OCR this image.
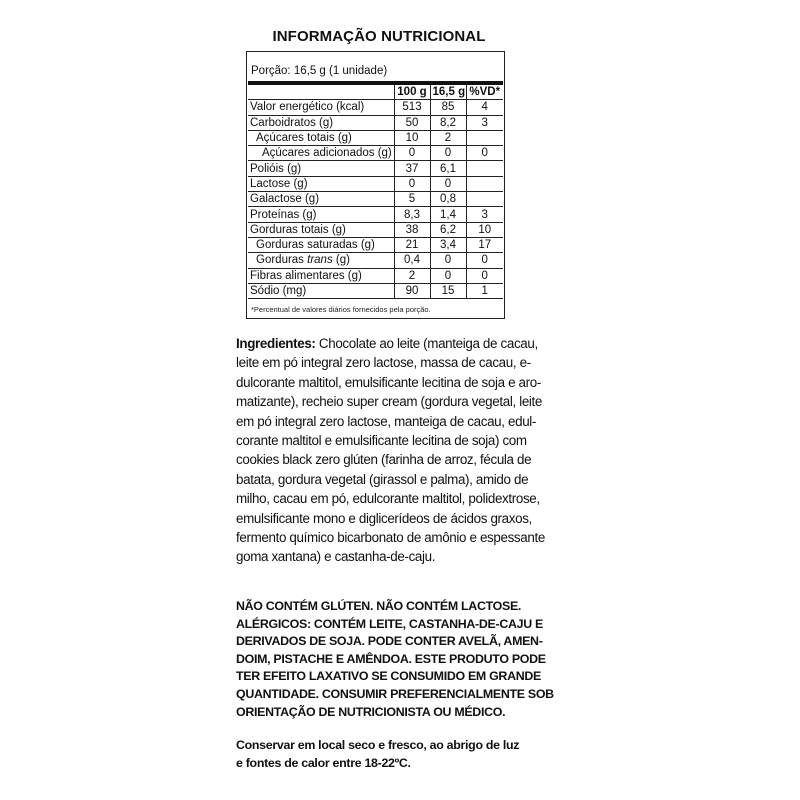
INFORMAÇÃO NUTRICIONAL
Porção: 16,5 g (1 unidade)
	100 g	16,5 g	%VD*
Valor energético (kcal)	513	85	4
Carboidratos (g)	50	8,2	3
Açúcares totais (g)	10	2	
Açúcares adicionados (g)	0	0	0
Polióis (g)	37	6,1	
Lactose (g)	0	0	
Galactose (g)	5	0,8	
Proteínas (g)	8,3	1,4	3
Gorduras totais (g)	38	6,2	10
Gorduras saturadas (g)	21	3,4	17
Gorduras trans (g)	0,4	0	0
Fibras alimentares (g)	2	0	0
Sódio (mg)	90	15	1
*Percentual de valores diários fornecidos pela porção.
Ingredientes: Chocolate ao leite (manteiga de cacau,
leite em pó integral zero lactose, massa de cacau, e-
dulcorante maltitol, emulsificante lecitina de soja e aro-
matizante), recheio super cream (gordura vegetal, leite
em pó integral zero lactose, manteiga de cacau, edul-
corante maltitol e emulsificante lecitina de soja) com
cookies black zero glúten (farinha de arroz, fécula de
batata, gordura vegetal (girassol e palma), amido de
milho, cacau em pó, edulcorante maltitol, polidextrose,
emulsificante mono e diglicerídeos de ácidos graxos,
fermento químico bicarbonato de amônio e espessante
goma xantana) e castanha-de-caju.
NÃO CONTÉM GLÚTEN. NÃO CONTÉM LACTOSE.
ALÉRGICOS: CONTÉM LEITE, CASTANHA-DE-CAJU E
DERIVADOS DE SOJA. PODE CONTER AVELÃ, AMEN-
DOIM, PISTACHE E AMÊNDOA. ESTE PRODUTO PODE
TER EFEITO LAXATIVO SE CONSUMIDO EM GRANDE
QUANTIDADE. CONSUMIR PREFERENCIALMENTE SOB
ORIENTAÇÃO DE NUTRICIONISTA OU MÉDICO.
Conservar em local seco e fresco, ao abrigo de luz
e fontes de calor entre 18-22ºC.
